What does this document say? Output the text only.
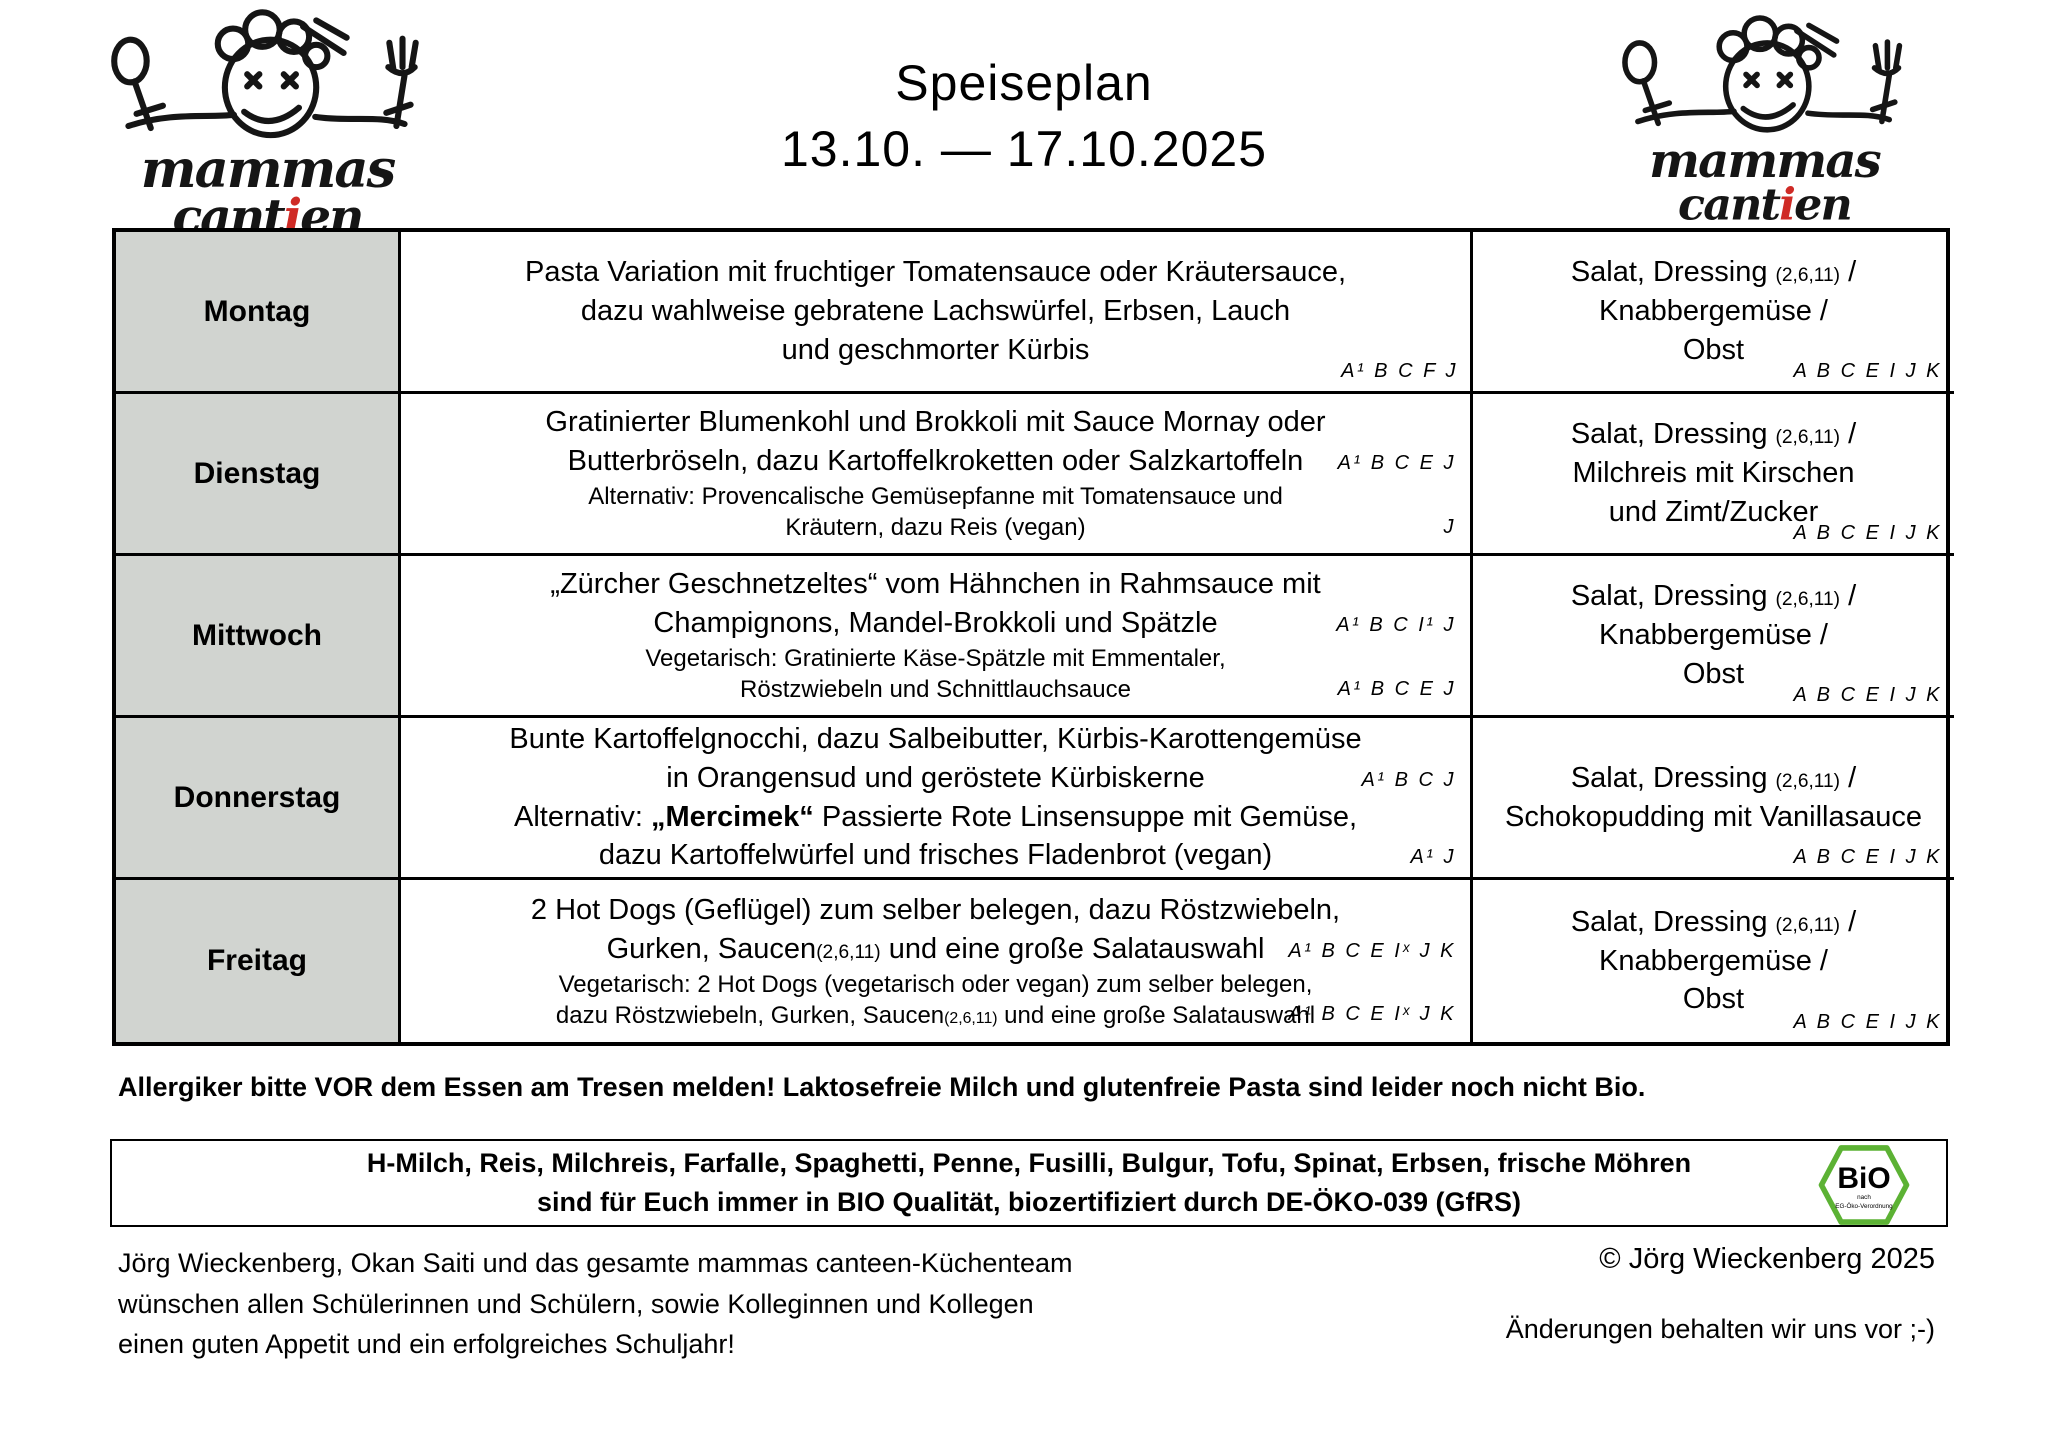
Speiseplan
13.10. — 17.10.2025
Montag
Pasta Variation mit fruchtiger Tomatensauce oder Kräutersauce,
dazu wahlweise gebratene Lachswürfel, Erbsen, Lauch
und geschmorter Kürbis
A¹ B C F J
Salat, Dressing (2,6,11) /
Knabbergemüse /
Obst
A B C E I J K
Dienstag
Gratinierter Blumenkohl und Brokkoli mit Sauce Mornay oder
Butterbröseln, dazu Kartoffelkroketten oder Salzkartoffeln A¹ B C E J
Alternativ: Provencalische Gemüsepfanne mit Tomatensauce und
Kräutern, dazu Reis (vegan)	J
Salat, Dressing (2,6,11) /
Milchreis mit Kirschen
und Zimt/Zucker
A B C E I J K
Mittwoch
„Zürcher Geschnetzeltes“ vom Hähnchen in Rahmsauce mit
Champignons, Mandel-Brokkoli und Spätzle	A¹ B C I¹ J
Vegetarisch: Gratinierte Käse-Spätzle mit Emmentaler,
Röstzwiebeln und Schnittlauchsauce	A¹ B C E J
Salat, Dressing (2,6,11) /
Knabbergemüse /
Obst
A B C E I J K
Donnerstag
Bunte Kartoffelgnocchi, dazu Salbeibutter, Kürbis-Karottengemüse
in Orangensud und geröstete Kürbiskerne	A¹ B C J
Alternativ: „Mercimek“ Passierte Rote Linsensuppe mit Gemüse,
dazu Kartoffelwürfel und frisches Fladenbrot (vegan)	A¹ J
Salat, Dressing (2,6,11) /
Schokopudding mit Vanillasauce
A B C E I J K
Freitag
2 Hot Dogs (Geflügel) zum selber belegen, dazu Röstzwiebeln,
Gurken, Saucen(2,6,11) und eine große Salatauswahl A¹ B C E Iˣ J K
Vegetarisch: 2 Hot Dogs (vegetarisch oder vegan) zum selber belegen,
dazu Röstzwiebeln, Gurken, Saucen(2,6,11) und eine große Salatauswahl
A¹ B C E Iˣ J K
Salat, Dressing (2,6,11) /
Knabbergemüse /
Obst
A B C E I J K
Allergiker bitte VOR dem Essen am Tresen melden! Laktosefreie Milch und glutenfreie Pasta sind leider noch nicht Bio.
H-Milch, Reis, Milchreis, Farfalle, Spaghetti, Penne, Fusilli, Bulgur, Tofu, Spinat, Erbsen, frische Möhren
sind für Euch immer in BIO Qualität, biozertifiziert durch DE-ÖKO-039 (GfRS)
BiO
nach
EG-Öko-Verordnung
Jörg Wieckenberg, Okan Saiti und das gesamte mammas canteen-Küchenteam
wünschen allen Schülerinnen und Schülern, sowie Kolleginnen und Kollegen
einen guten Appetit und ein erfolgreiches Schuljahr!
© Jörg Wieckenberg 2025
Änderungen behalten wir uns vor ;-)
